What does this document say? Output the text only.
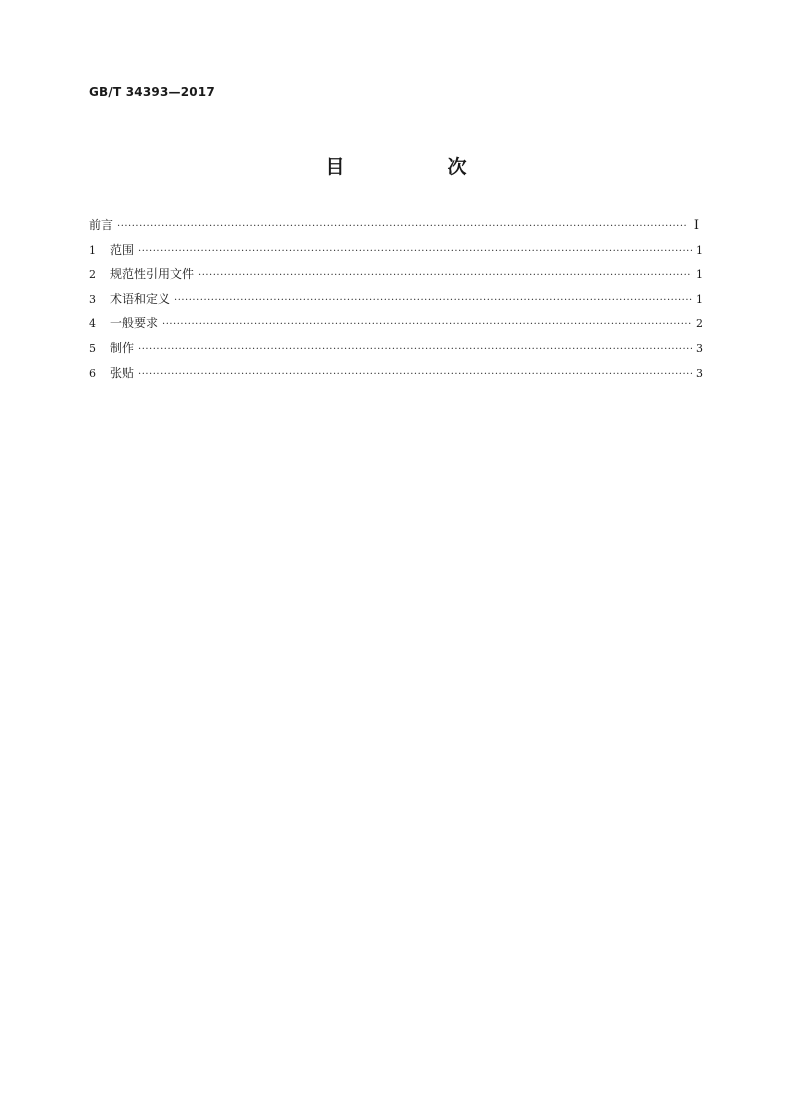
GB/T 34393—2017
目　次
前言 ·····	Ⅰ
1	范围 ·····	1
2	规范性引用文件 ·····	1
3	术语和定义 ·····	1
4	一般要求 ·····	2
5	制作 ·····	3
6	张贴 ·····	3
